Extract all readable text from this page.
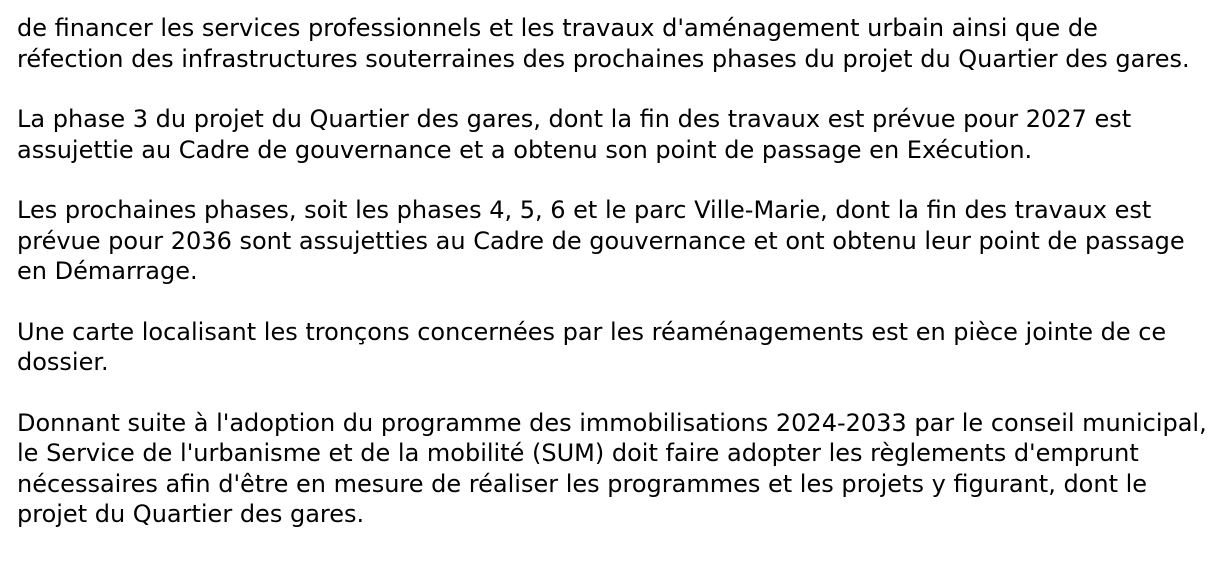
de financer les services professionnels et les travaux d'aménagement urbain ainsi que de réfection des infrastructures souterraines des prochaines phases du projet du Quartier des gares.

La phase 3 du projet du Quartier des gares, dont la fin des travaux est prévue pour 2027 est assujettie au Cadre de gouvernance et a obtenu son point de passage en Exécution.

Les prochaines phases, soit les phases 4, 5, 6 et le parc Ville-Marie, dont la fin des travaux est prévue pour 2036 sont assujetties au Cadre de gouvernance et ont obtenu leur point de passage en Démarrage.

Une carte localisant les tronçons concernées par les réaménagements est en pièce jointe de ce dossier.

Donnant suite à l'adoption du programme des immobilisations 2024-2033 par le conseil municipal, le Service de l'urbanisme et de la mobilité (SUM) doit faire adopter les règlements d'emprunt nécessaires afin d'être en mesure de réaliser les programmes et les projets y figurant, dont le projet du Quartier des gares.
